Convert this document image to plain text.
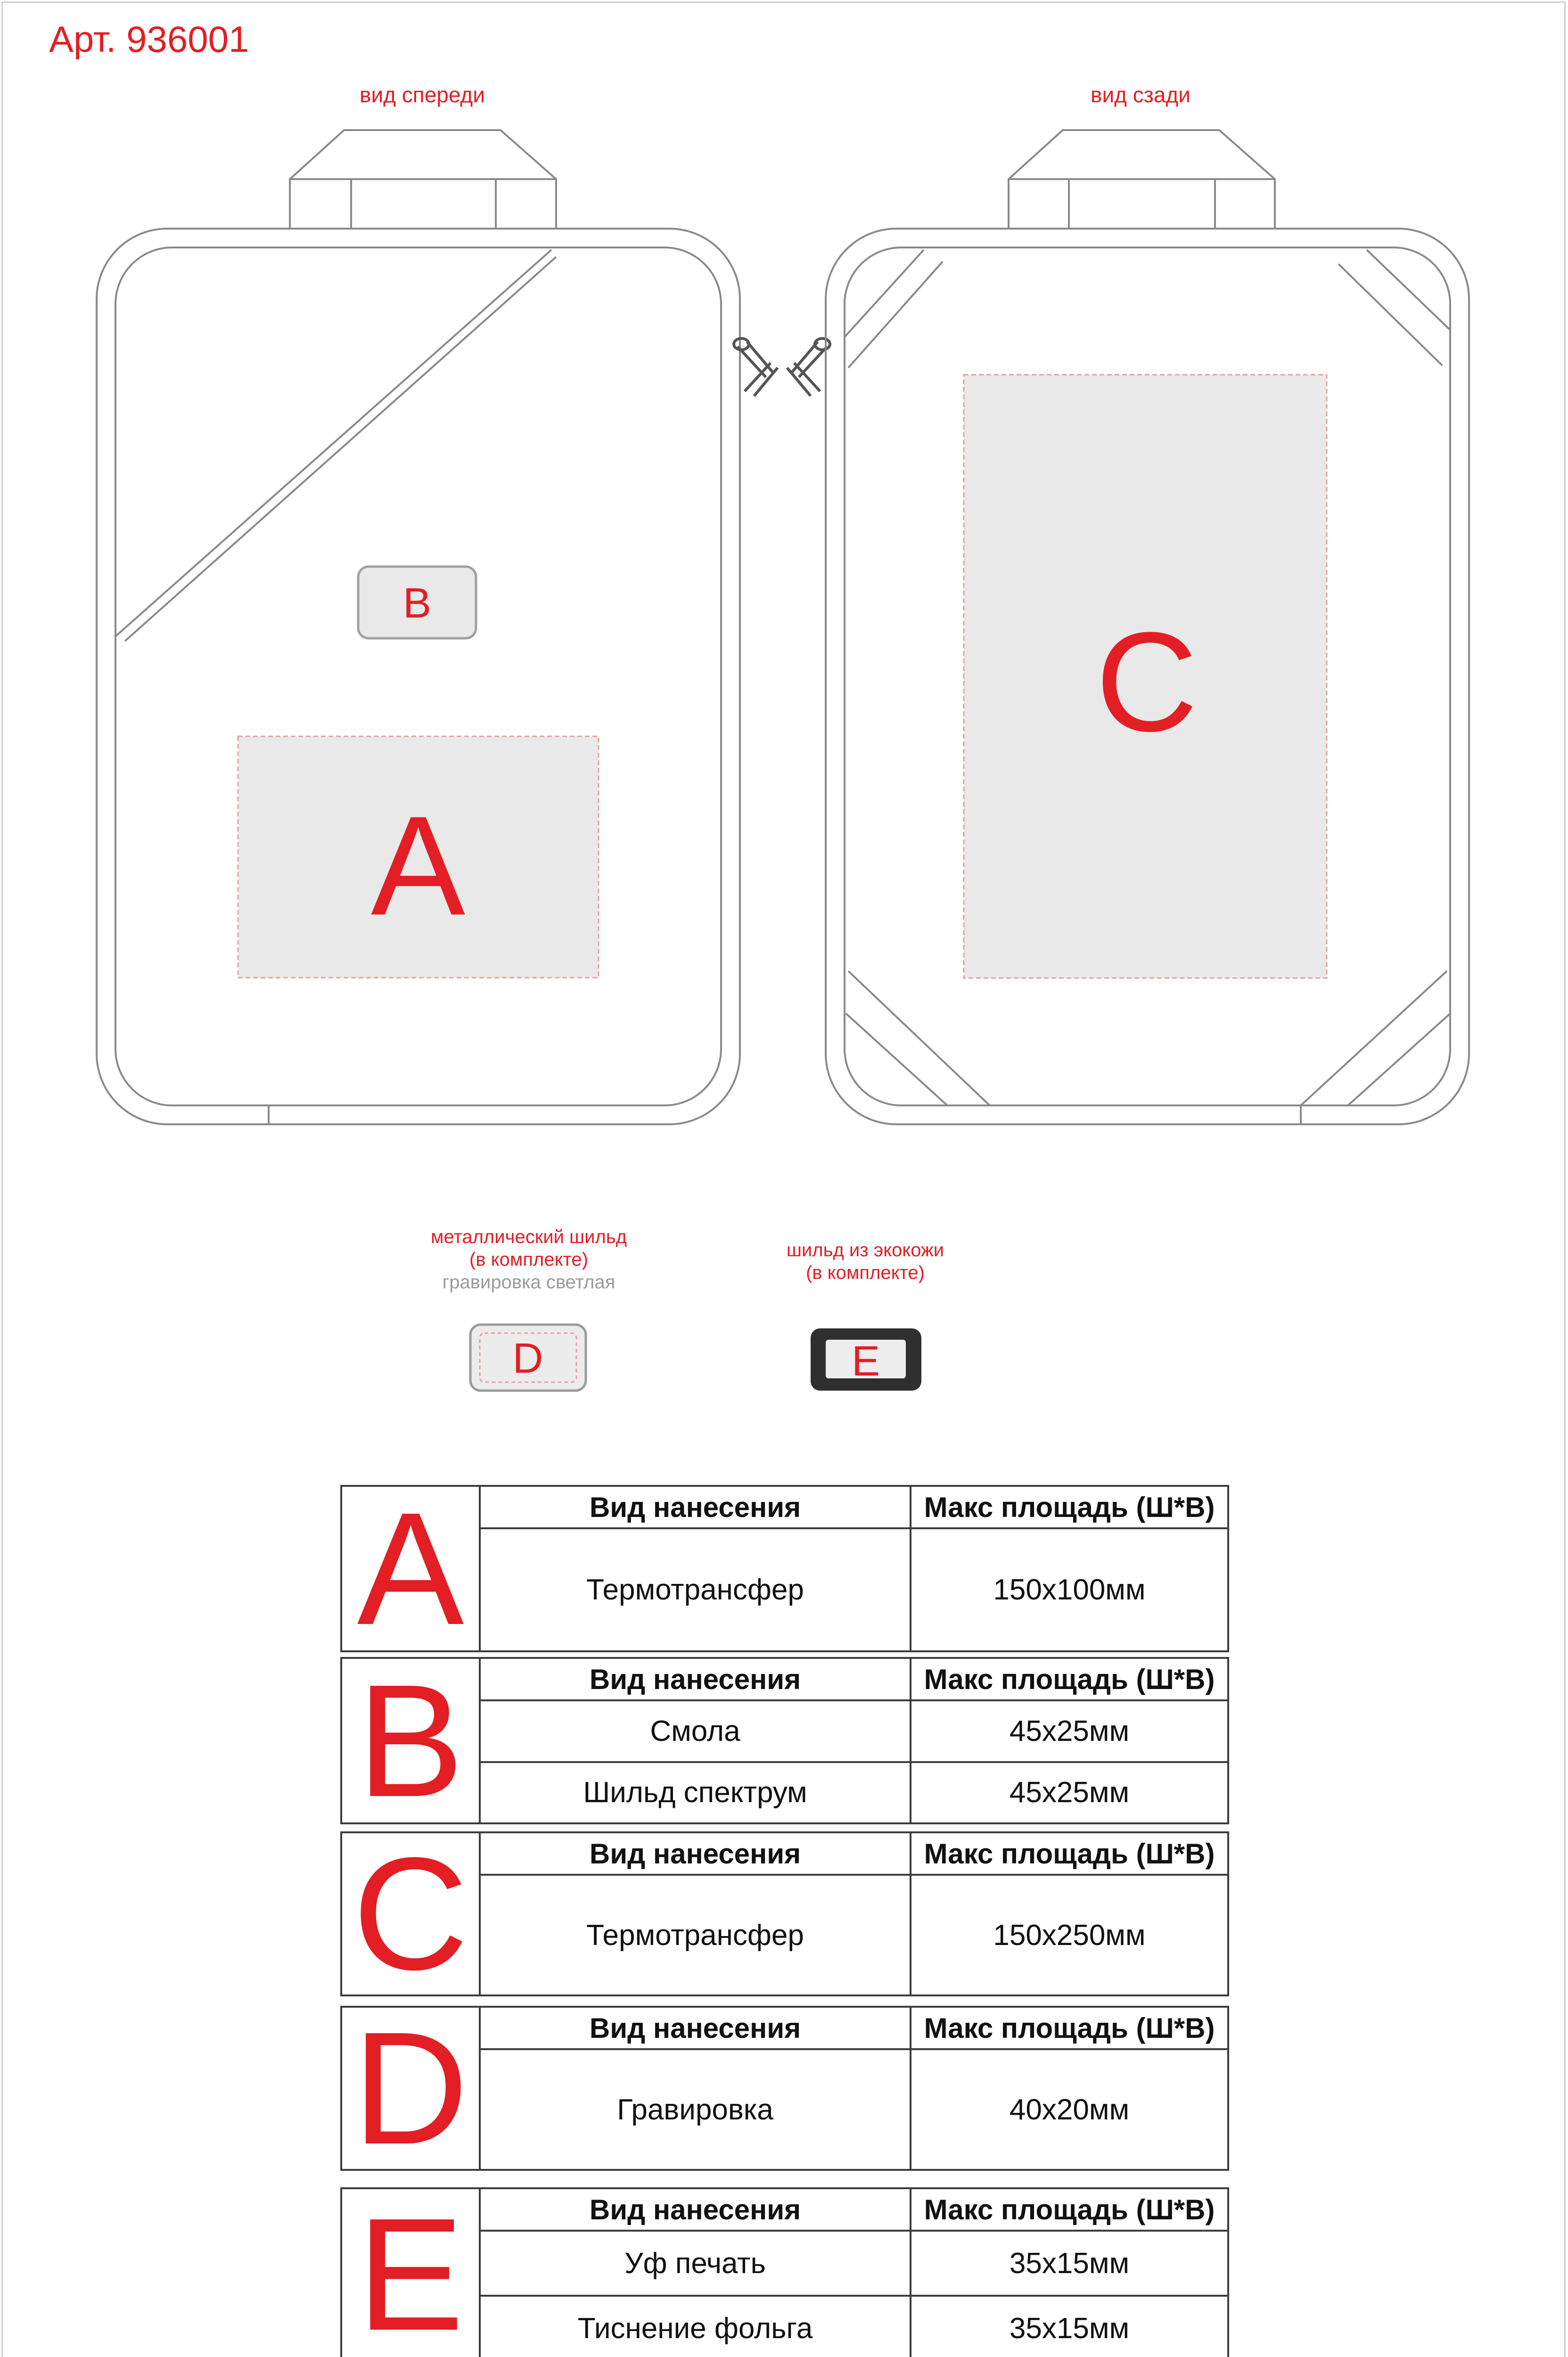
Арт. 936001
вид спереди	вид сзади
A
B	C
D	E
металлический шильд
(в комплекте)
гравировка светлая
шильд из экокожи
(в комплекте)
A	Вид нанесения	Макс площадь (Ш*В)
	Термотрансфер	150x100мм
B	Вид нанесения	Макс площадь (Ш*В)
	Смола	45x25мм
	Шильд спектрум	45x25мм
C	Вид нанесения	Макс площадь (Ш*В)
	Термотрансфер	150x250мм
D	Вид нанесения	Макс площадь (Ш*В)
	Гравировка	40x20мм
E	Вид нанесения	Макс площадь (Ш*В)
	Уф печать	35x15мм
	Тиснение фольга	35x15мм
